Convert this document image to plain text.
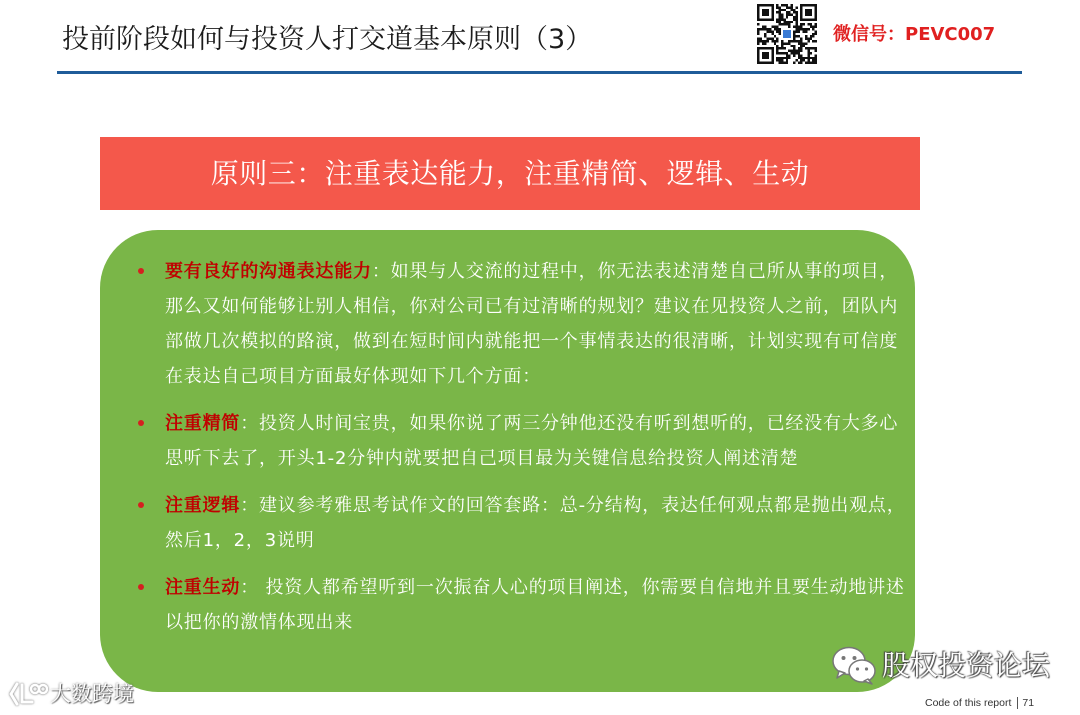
投前阶段如何与投资人打交道基本原则（3）	微信号：PEVC007
原则三：注重表达能力，注重精简、逻辑、生动
要有良好的沟通表达能力：如果与人交流的过程中，你无法表述清楚自己所从事的项目，那么又如何能够让别人相信，你对公司已有过清晰的规划？建议在见投资人之前，团队内部做几次模拟的路演，做到在短时间内就能把一个事情表达的很清晰，计划实现有可信度在表达自己项目方面最好体现如下几个方面：
注重精简：投资人时间宝贵，如果你说了两三分钟他还没有听到想听的，已经没有大多心思听下去了，开头1-2分钟内就要把自己项目最为关键信息给投资人阐述清楚
注重逻辑：建议参考雅思考试作文的回答套路：总-分结构，表达任何观点都是抛出观点，然后1，2，3说明
注重生动： 投资人都希望听到一次振奋人心的项目阐述，你需要自信地并且要生动地讲述以把你的激情体现出来
股权投资论坛
大数跨境	Code of this report 71
